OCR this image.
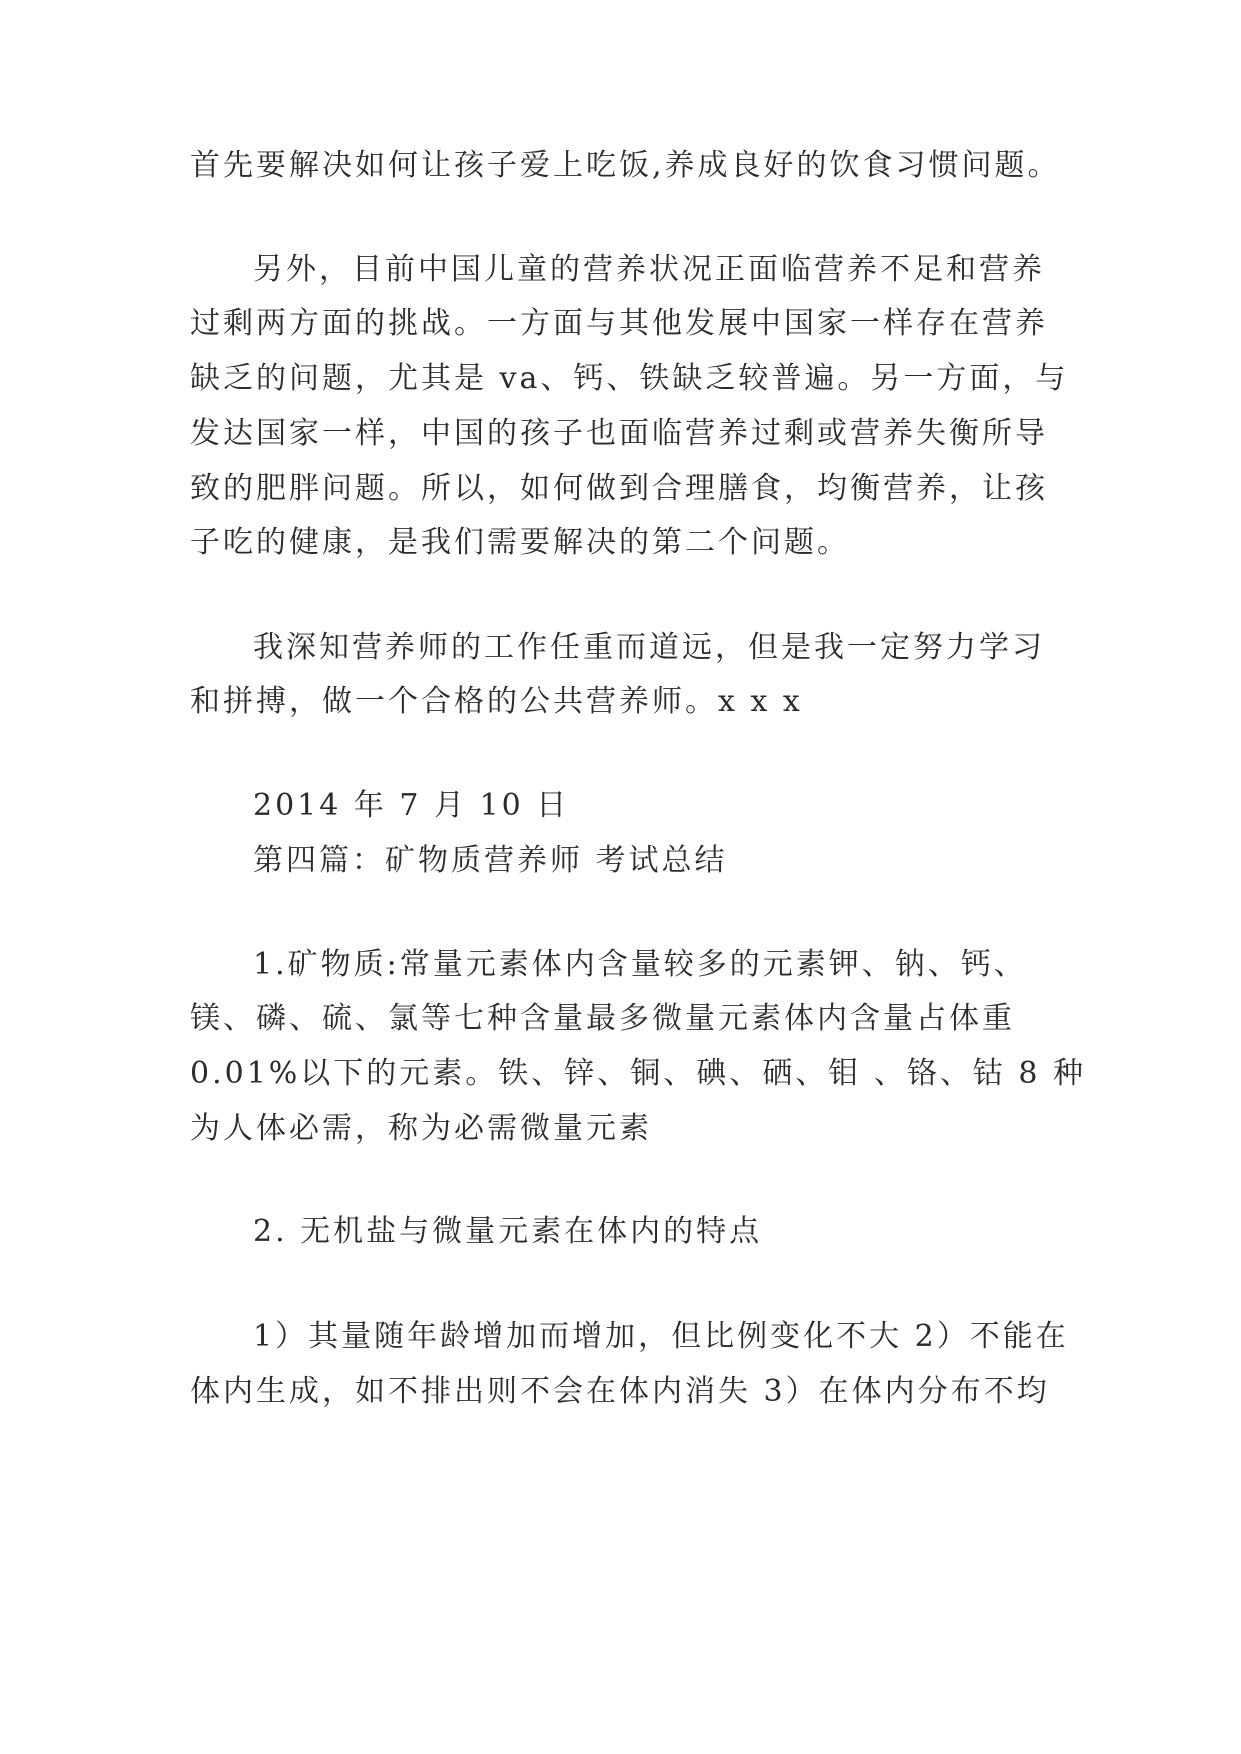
首先要解决如何让孩子爱上吃饭,养成良好的饮食习惯问题。
另外，目前中国儿童的营养状况正面临营养不足和营养
过剩两方面的挑战。一方面与其他发展中国家一样存在营养
缺乏的问题，尤其是 va、钙、铁缺乏较普遍。另一方面，与
发达国家一样，中国的孩子也面临营养过剩或营养失衡所导
致的肥胖问题。所以，如何做到合理膳食，均衡营养，让孩
子吃的健康，是我们需要解决的第二个问题。
我深知营养师的工作任重而道远，但是我一定努力学习
和拼搏，做一个合格的公共营养师。x x x
2014 年 7 月 10 日
第四篇：矿物质营养师 考试总结
1.矿物质:常量元素体内含量较多的元素钾、钠、钙、
镁、磷、硫、氯等七种含量最多微量元素体内含量占体重
0.01%以下的元素。铁、锌、铜、碘、硒、钼 、铬、钴 8 种
为人体必需，称为必需微量元素
2. 无机盐与微量元素在体内的特点
1）其量随年龄增加而增加，但比例变化不大 2）不能在
体内生成，如不排出则不会在体内消失 3）在体内分布不均
